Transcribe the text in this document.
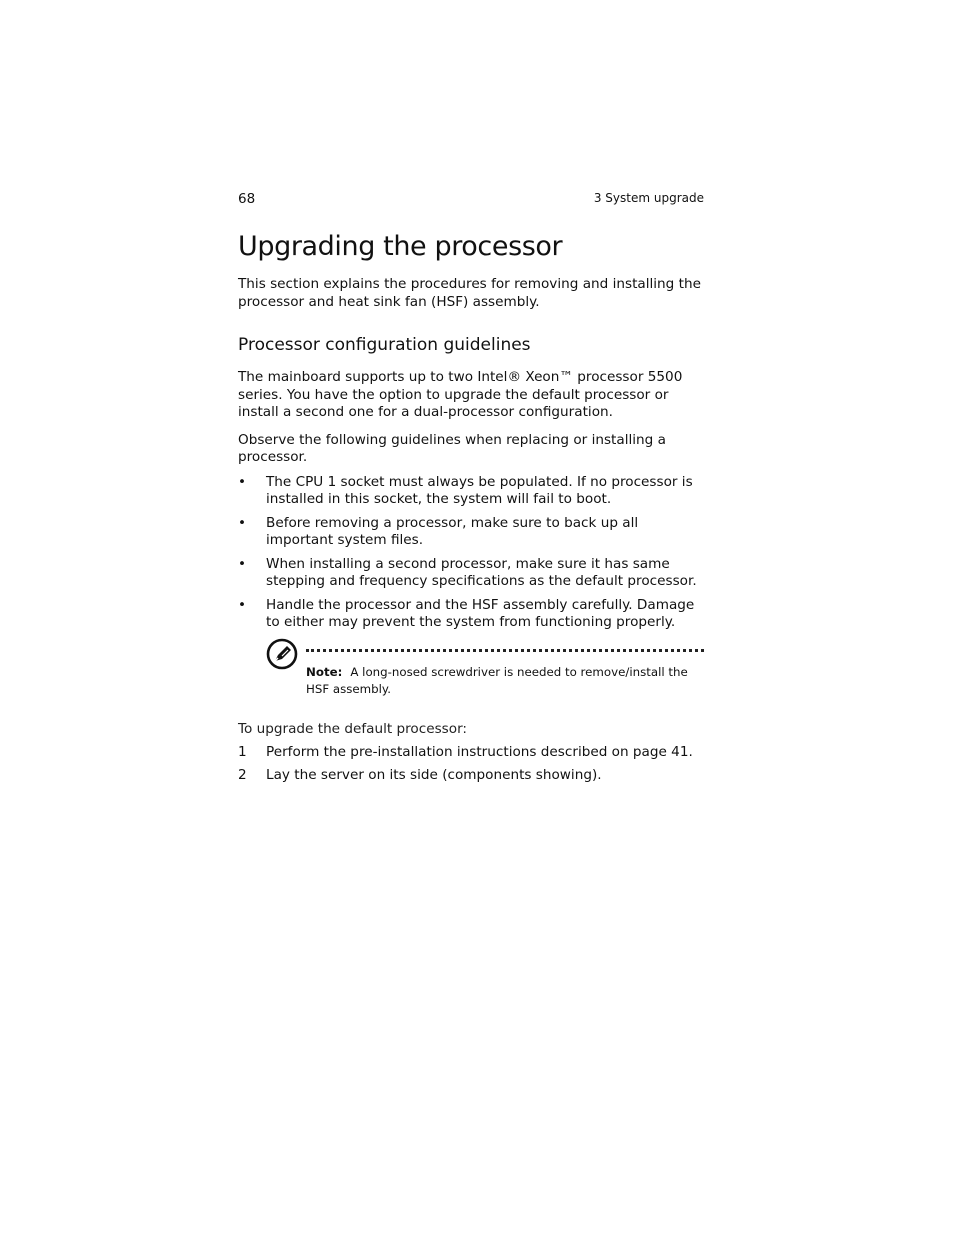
68	3 System upgrade
Upgrading the processor

This section explains the procedures for removing and installing the processor and heat sink fan (HSF) assembly.

Processor configuration guidelines

The mainboard supports up to two Intel® Xeon™ processor 5500 series. You have the option to upgrade the default processor or install a second one for a dual-processor configuration.

Observe the following guidelines when replacing or installing a processor.

• The CPU 1 socket must always be populated. If no processor is installed in this socket, the system will fail to boot.
• Before removing a processor, make sure to back up all important system files.
• When installing a second processor, make sure it has same stepping and frequency specifications as the default processor.
• Handle the processor and the HSF assembly carefully. Damage to either may prevent the system from functioning properly.
Note: A long-nosed screwdriver is needed to remove/install the HSF assembly.
To upgrade the default processor:
1 Perform the pre-installation instructions described on page 41.
2 Lay the server on its side (components showing).
